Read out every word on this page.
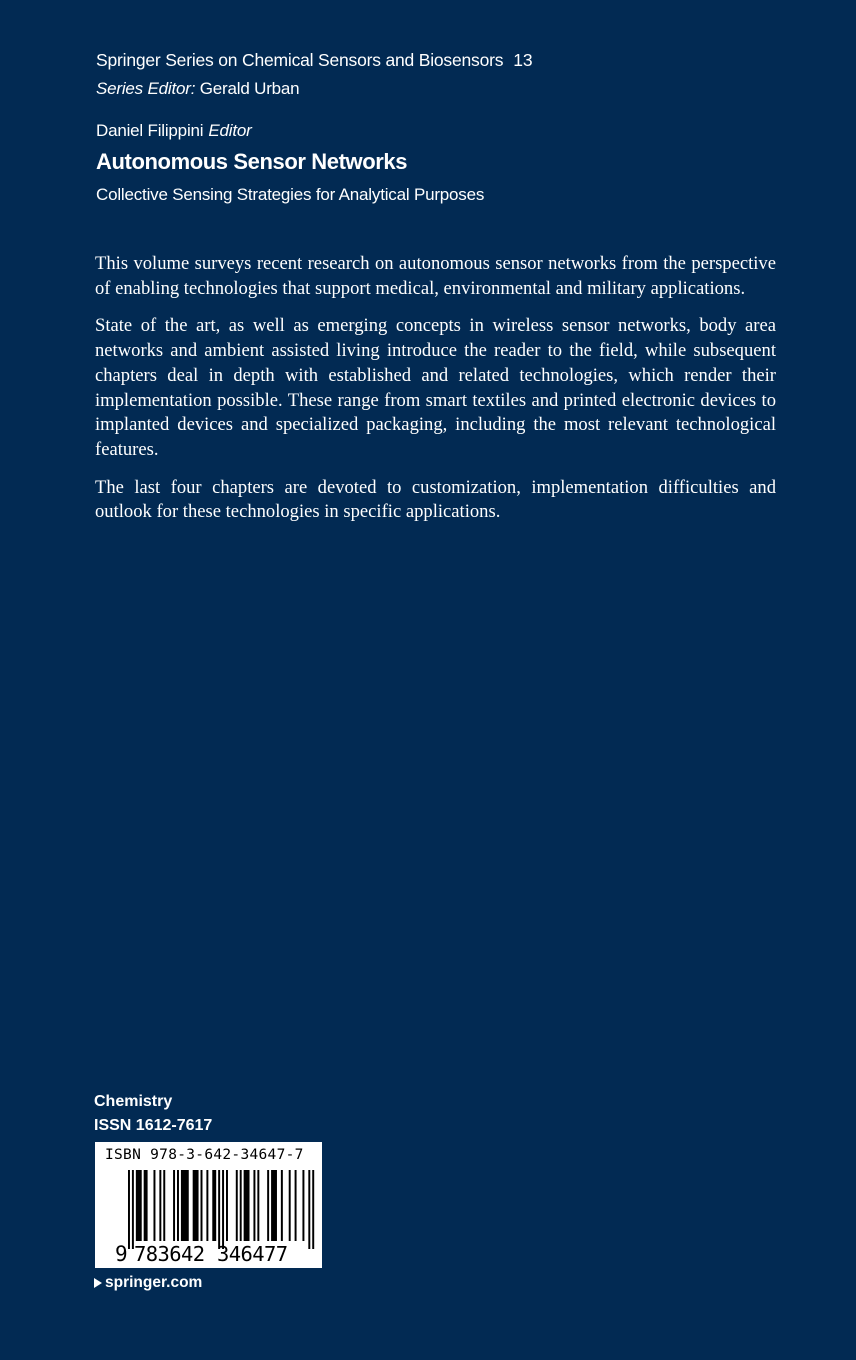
Springer Series on Chemical Sensors and Biosensors 13
Series Editor: Gerald Urban
Daniel Filippini Editor
Autonomous Sensor Networks
Collective Sensing Strategies for Analytical Purposes

This volume surveys recent research on autonomous sensor networks from the perspective of enabling technologies that support medical, environmental and military applications.

State of the art, as well as emerging concepts in wireless sensor networks, body area networks and ambient assisted living introduce the reader to the field, while subsequent chapters deal in depth with established and related technologies, which render their implementation possible. These range from smart textiles and printed electronic devices to implanted devices and specialized packaging, including the most relevant technological features.

The last four chapters are devoted to customization, implementation difficulties and outlook for these technologies in specific applications.

Chemistry
ISSN 1612-7617
ISBN 978-3-642-34647-7
9 783642 346477
springer.com
